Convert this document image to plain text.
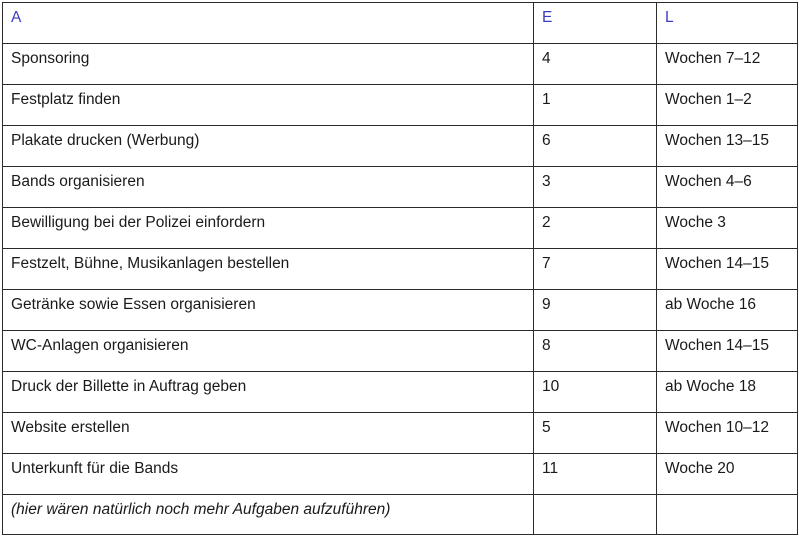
A	E	L
Sponsoring	4	Wochen 7–12
Festplatz finden	1	Wochen 1–2
Plakate drucken (Werbung)	6	Wochen 13–15
Bands organisieren	3	Wochen 4–6
Bewilligung bei der Polizei einfordern	2	Woche 3
Festzelt, Bühne, Musikanlagen bestellen	7	Wochen 14–15
Getränke sowie Essen organisieren	9	ab Woche 16
WC-Anlagen organisieren	8	Wochen 14–15
Druck der Billette in Auftrag geben	10	ab Woche 18
Website erstellen	5	Wochen 10–12
Unterkunft für die Bands	11	Woche 20
(hier wären natürlich noch mehr Aufgaben aufzuführen)		
